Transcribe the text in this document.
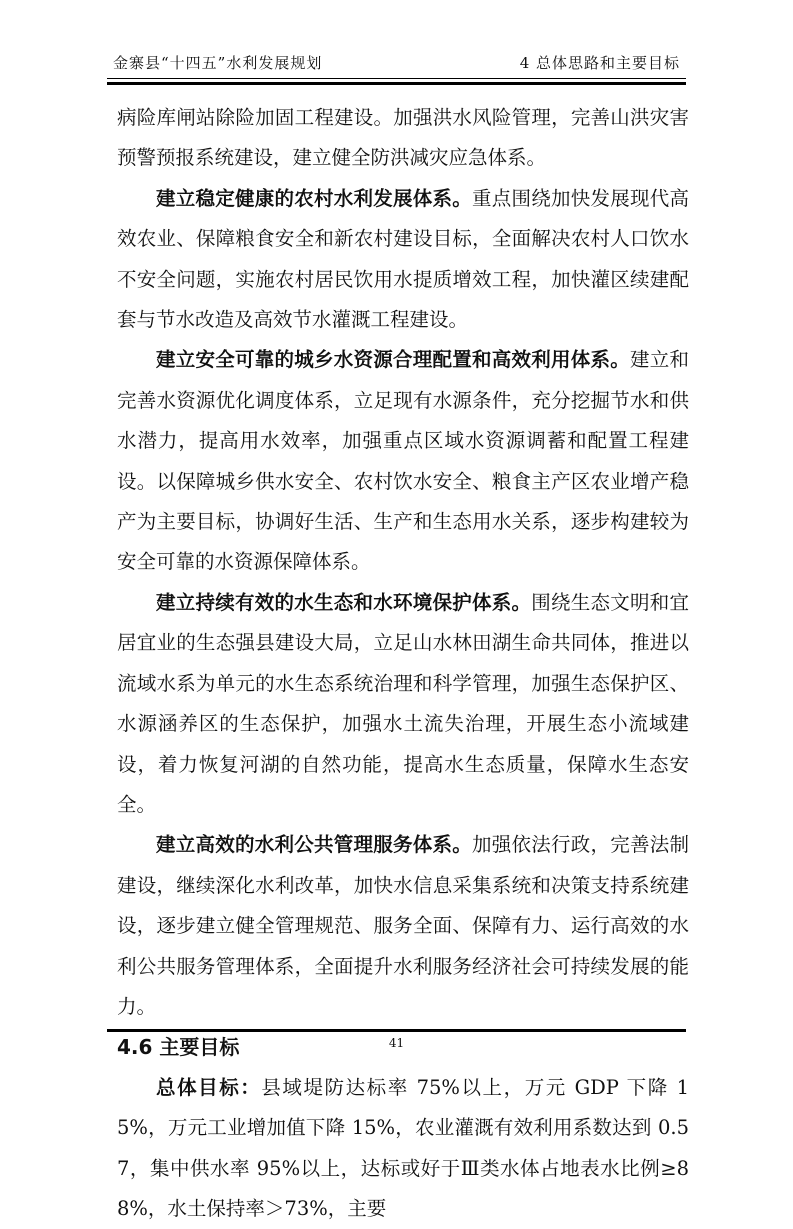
金寨县“十四五”水利发展规划	4 总体思路和主要目标

病险库闸站除险加固工程建设。加强洪水风险管理，完善山洪灾害预警预报系统建设，建立健全防洪减灾应急体系。

建立稳定健康的农村水利发展体系。重点围绕加快发展现代高效农业、保障粮食安全和新农村建设目标，全面解决农村人口饮水不安全问题，实施农村居民饮用水提质增效工程，加快灌区续建配套与节水改造及高效节水灌溉工程建设。

建立安全可靠的城乡水资源合理配置和高效利用体系。建立和完善水资源优化调度体系，立足现有水源条件，充分挖掘节水和供水潜力，提高用水效率，加强重点区域水资源调蓄和配置工程建设。以保障城乡供水安全、农村饮水安全、粮食主产区农业增产稳产为主要目标，协调好生活、生产和生态用水关系，逐步构建较为安全可靠的水资源保障体系。

建立持续有效的水生态和水环境保护体系。围绕生态文明和宜居宜业的生态强县建设大局，立足山水林田湖生命共同体，推进以流域水系为单元的水生态系统治理和科学管理，加强生态保护区、水源涵养区的生态保护，加强水土流失治理，开展生态小流域建设，着力恢复河湖的自然功能，提高水生态质量，保障水生态安全。

建立高效的水利公共管理服务体系。加强依法行政，完善法制建设，继续深化水利改革，加快水信息采集系统和决策支持系统建设，逐步建立健全管理规范、服务全面、保障有力、运行高效的水利公共服务管理体系，全面提升水利服务经济社会可持续发展的能力。

4.6 主要目标

总体目标：县域堤防达标率 75%以上，万元 GDP 下降 15%，万元工业增加值下降 15%，农业灌溉有效利用系数达到 0.57，集中供水率 95%以上，达标或好于Ⅲ类水体占地表水比例≥88%，水土保持率＞73%，主要

41
